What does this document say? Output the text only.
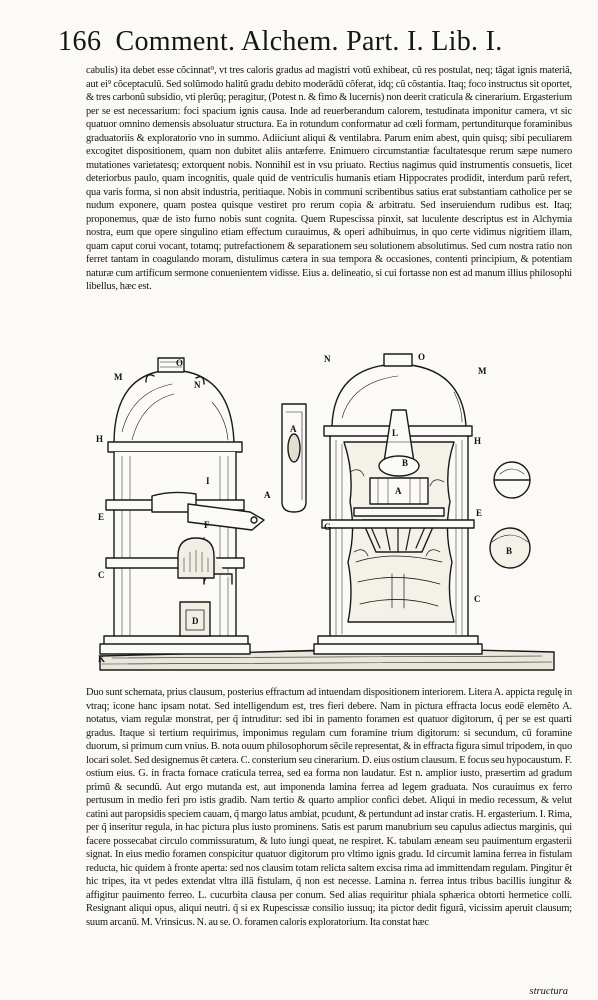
166 Comment. Alchem. Part. I. Lib. I.

cabulis) ita debet esse cõcinnat⁹, vt tres caloris gradus ad magistri votũ exhibeat, cũ res postulat, neq; tãgat ignis materiã, aut ei⁹ cõceptaculũ. Sed solũmodo halitũ gradu debito moderãdũ cõferat, idq; cũ cõstantia. Itaq; foco instructus sit oportet, & tres carbonũ subsidio, vti plerũq; peragitur, (Potest n. & fimo & lucernis) non deerit craticula & cinerarium. Ergasterium per se est necessarium: foci spacium ignis causa. Inde ad reuerberandum calorem, testudinata imponitur camera, vt sic quatuor omnino demensis absoluatur structura. Ea in rotundum conformatur ad cœli formam, pertunditurque foraminibus graduatoriis & exploratorio vno in summo. Adiiciunt aliqui & ventilabra. Parum enim abest, quin quisq; sibi peculiarem excogitet dispositionem, quam non dubitet aliis antæferre. Enimuero circumstantiæ facultatesque rerum sæpe numero mutationes varietatesq; extorquent nobis. Nonnihil est in vsu priuato. Rectius nagimus quid instrumentis consuetis, licet deteriorbus paulo, quam incognitis, quale quid de ventriculis humanis etiam Hippocrates prodidit, interdum parũ refert, qua varis forma, si non absit industria, peritiaque. Nobis in communi scribentibus satius erat substantiam catholice per se nudum exponere, quam postea quisque vestiret pro rerum copia & arbitratu. Sed inseruiendum rudibus est. Itaq; proponemus, quæ de isto furno nobis sunt cognita. Quem Rupescissa pinxit, sat luculente descriptus est in Alchymia nostra, eum que opere singulino etiam effectum curauimus, & operi adhibuimus, in quo certe vidimus nigritiem illam, quam caput corui vocant, totamq; putrefactionem & separationem seu solutionem absolutimus. Sed cum nostra ratio non ferret tantam in coagulando moram, distulimus cætera in sua tempora & occasiones, contenti principium, & potentiam naturæ cum artificum sermone conuenientem vidisse. Eius a. delineatio, si cui fortasse non est ad manum illius philosophi libellus, hæc est.

M
N
O
H
I
A
E
F
C
D
K
A
N	O
M
L
H
A
B
E
G
C
B

Duo sunt schemata, prius clausum, posterius effractum ad intuendam dispositionem interiorem. Litera A. appicta regulę in vtraq; icone hanc ipsam notat. Sed intelligendum est, tres fieri debere. Nam in pictura effracta locus eodẽ elemẽto A. notatus, viam regulæ monstrat, per q̃ intruditur: sed ibi in pamento foramen est quatuor digitorum, q̃ per se est quarti gradus. Itaque si tertium requirimus, imponimus regulam cum foramine trium digitorum: si secundum, cũ foramine duorum, si primum cum vnius. B. nota ouum philosophorum sẽcile representat, & in effracta figura simul tripodem, in quo locari solet. Sed designemus ẽt cætera. C. consterium seu cinerarium. D. eius ostium clausum. E focus seu hypocaustum. F. ostium eius. G. in fracta fornace craticula terrea, sed ea forma non laudatur. Est n. amplior iusto, præsertim ad gradum primũ & secundũ. Aut ergo mutanda est, aut imponenda lamina ferrea ad legem graduata. Nos curauimus ex ferro pertusum in medio feri pro istis gradib. Nam tertio & quarto amplior confici debet. Aliqui in medio recessum, & velut catini aut paropsidis speciem cauam, q̃ margo latus ambiat, pcudunt, & pertundunt ad instar cratis. H. ergasterium. I. Rima, per q̃ inseritur regula, in hac pictura plus iusto prominens. Satis est parum manubrium seu capulus adiectus marginis, qui facere possecabat circulo commissuratum, & luto iungi queat, ne respiret. K. tabulam æneam seu pauimentum ergasterii signat. In eius medio foramen conspicitur quatuor digitorum pro vltimo ignis gradu. Id circumit lamina ferrea in fistulam reducta, hic quidem à fronte aperta: sed nos clausim totam relicta saltem excisa rima ad immittendam regulam. Pingitur ẽt hic tripes, ita vt pedes extendat vltra illã fistulam, q̃ non est necesse. Lamina n. ferrea intus tribus bacillis iungitur & affigitur pauimento ferreo. L. cucurbita clausa per conum. Sed alias requiritur phiala sphærica obtorti hermetice colli. Resignant aliqui opus, aliqui neutri. q̃ si ex Rupescissæ consilio iussuq; ita pictor dedit figurã, vicissim aperuit clausum; suum arcanũ. M. Vrinsicus. N. au se. O. foramen caloris exploratorium. Ita constat hæc

structura
